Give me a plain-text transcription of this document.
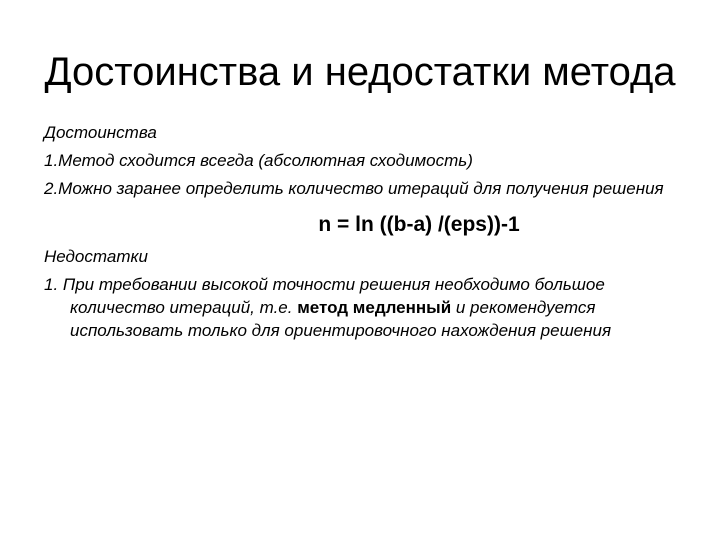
Достоинства и недостатки метода

Достоинства

1.Метод сходится всегда (абсолютная сходимость)

2.Можно заранее определить количество итераций для получения решения

n = ln ((b-a) /(eps))-1

Недостатки

1. При требовании высокой точности решения необходимо большое количество итераций, т.е. метод медленный и рекомендуется использовать только для ориентировочного нахождения решения
